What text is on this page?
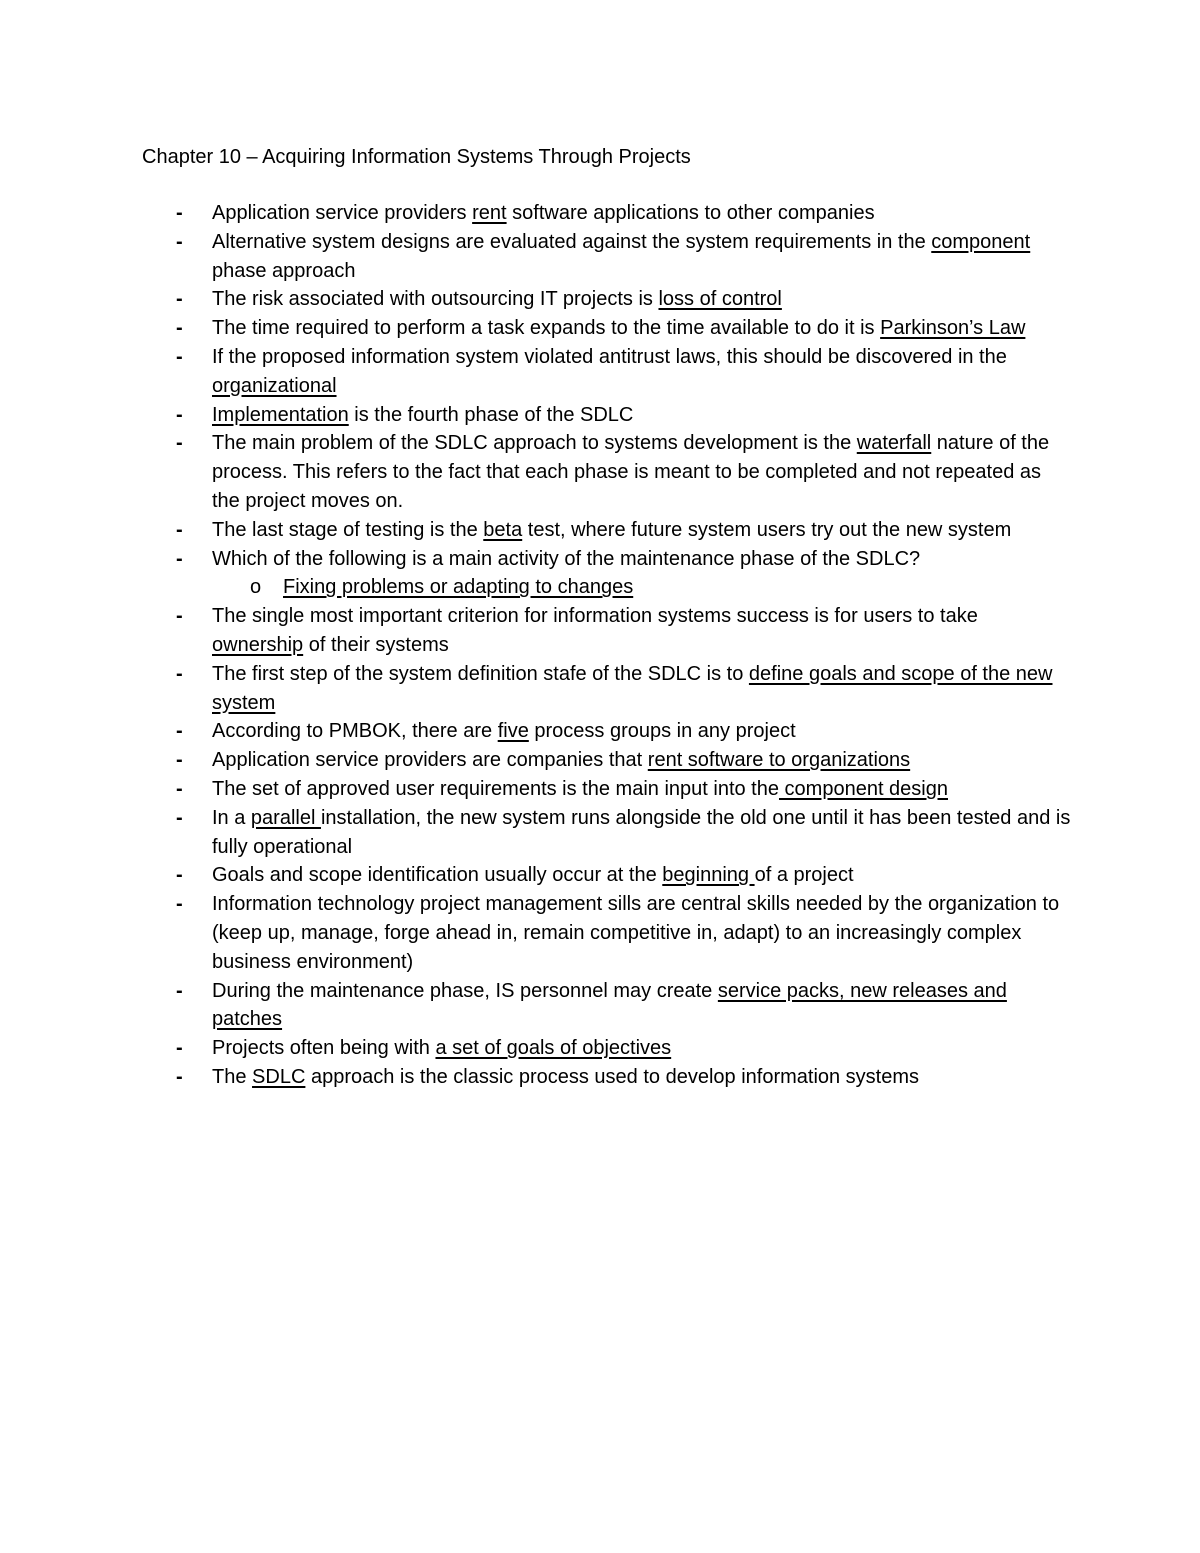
Chapter 10 – Acquiring Information Systems Through Projects
- Application service providers rent software applications to other companies
- Alternative system designs are evaluated against the system requirements in the component phase approach
- The risk associated with outsourcing IT projects is loss of control
- The time required to perform a task expands to the time available to do it is Parkinson’s Law
- If the proposed information system violated antitrust laws, this should be discovered in the organizational
- Implementation is the fourth phase of the SDLC
- The main problem of the SDLC approach to systems development is the waterfall nature of the process. This refers to the fact that each phase is meant to be completed and not repeated as the project moves on.
- The last stage of testing is the beta test, where future system users try out the new system
- Which of the following is a main activity of the maintenance phase of the SDLC?
o Fixing problems or adapting to changes
- The single most important criterion for information systems success is for users to take ownership of their systems
- The first step of the system definition stafe of the SDLC is to define goals and scope of the new system
- According to PMBOK, there are five process groups in any project
- Application service providers are companies that rent software to organizations
- The set of approved user requirements is the main input into the component design
- In a parallel installation, the new system runs alongside the old one until it has been tested and is fully operational
- Goals and scope identification usually occur at the beginning of a project
- Information technology project management sills are central skills needed by the organization to (keep up, manage, forge ahead in, remain competitive in, adapt) to an increasingly complex business environment)
- During the maintenance phase, IS personnel may create service packs, new releases and patches
- Projects often being with a set of goals of objectives
- The SDLC approach is the classic process used to develop information systems
